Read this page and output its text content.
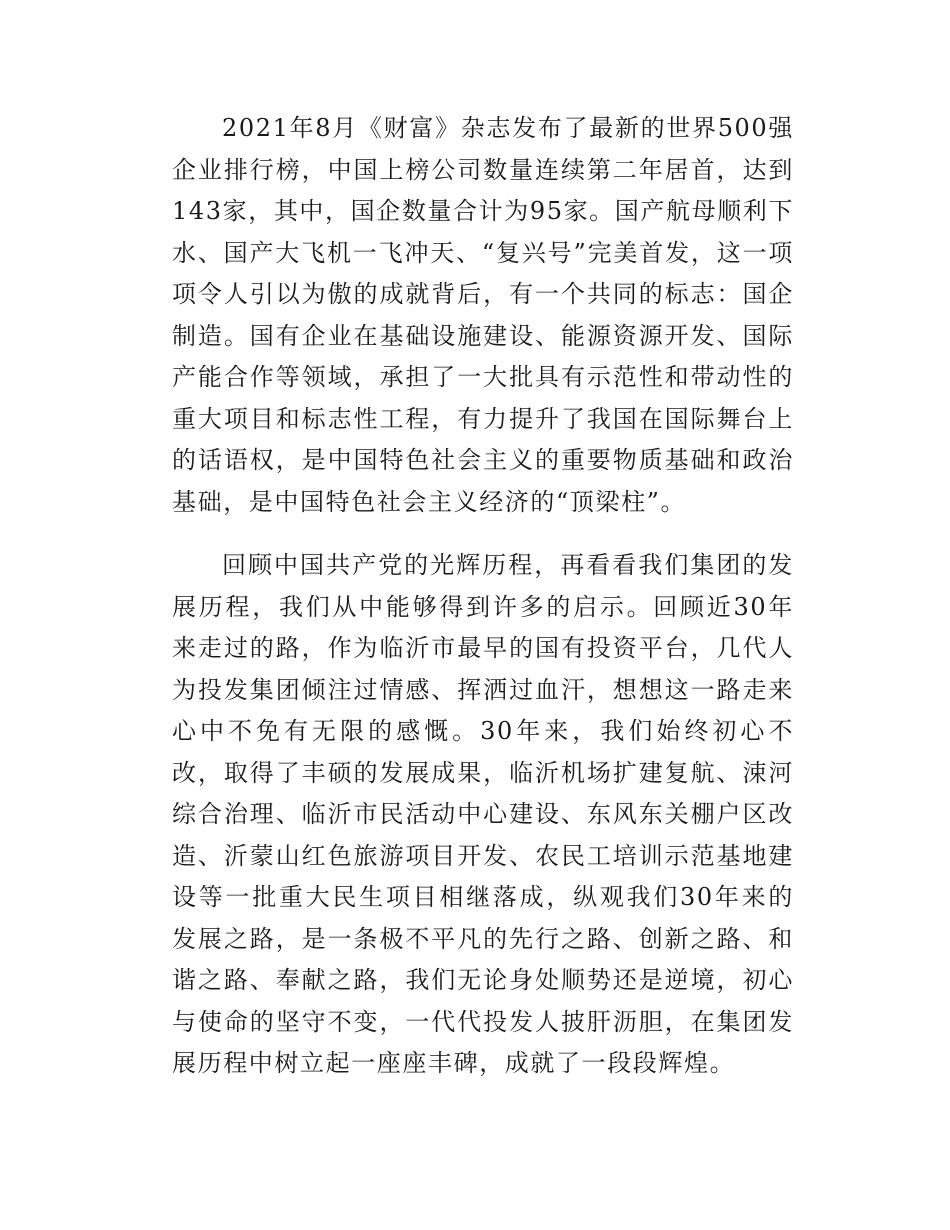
2021年8月《财富》杂志发布了最新的世界500强企业排行榜，中国上榜公司数量连续第二年居首，达到143家，其中，国企数量合计为95家。国产航母顺利下水、国产大飞机一飞冲天、“复兴号”完美首发，这一项项令人引以为傲的成就背后，有一个共同的标志：国企制造。国有企业在基础设施建设、能源资源开发、国际产能合作等领域，承担了一大批具有示范性和带动性的重大项目和标志性工程，有力提升了我国在国际舞台上的话语权，是中国特色社会主义的重要物质基础和政治基础，是中国特色社会主义经济的“顶梁柱”。

回顾中国共产党的光辉历程，再看看我们集团的发展历程，我们从中能够得到许多的启示。回顾近30年来走过的路，作为临沂市最早的国有投资平台，几代人为投发集团倾注过情感、挥洒过血汗，想想这一路走来心中不免有无限的感慨。30年来，我们始终初心不改，取得了丰硕的发展成果，临沂机场扩建复航、涑河综合治理、临沂市民活动中心建设、东风东关棚户区改造、沂蒙山红色旅游项目开发、农民工培训示范基地建设等一批重大民生项目相继落成，纵观我们30年来的发展之路，是一条极不平凡的先行之路、创新之路、和谐之路、奉献之路，我们无论身处顺势还是逆境，初心与使命的坚守不变，一代代投发人披肝沥胆，在集团发展历程中树立起一座座丰碑，成就了一段段辉煌。
